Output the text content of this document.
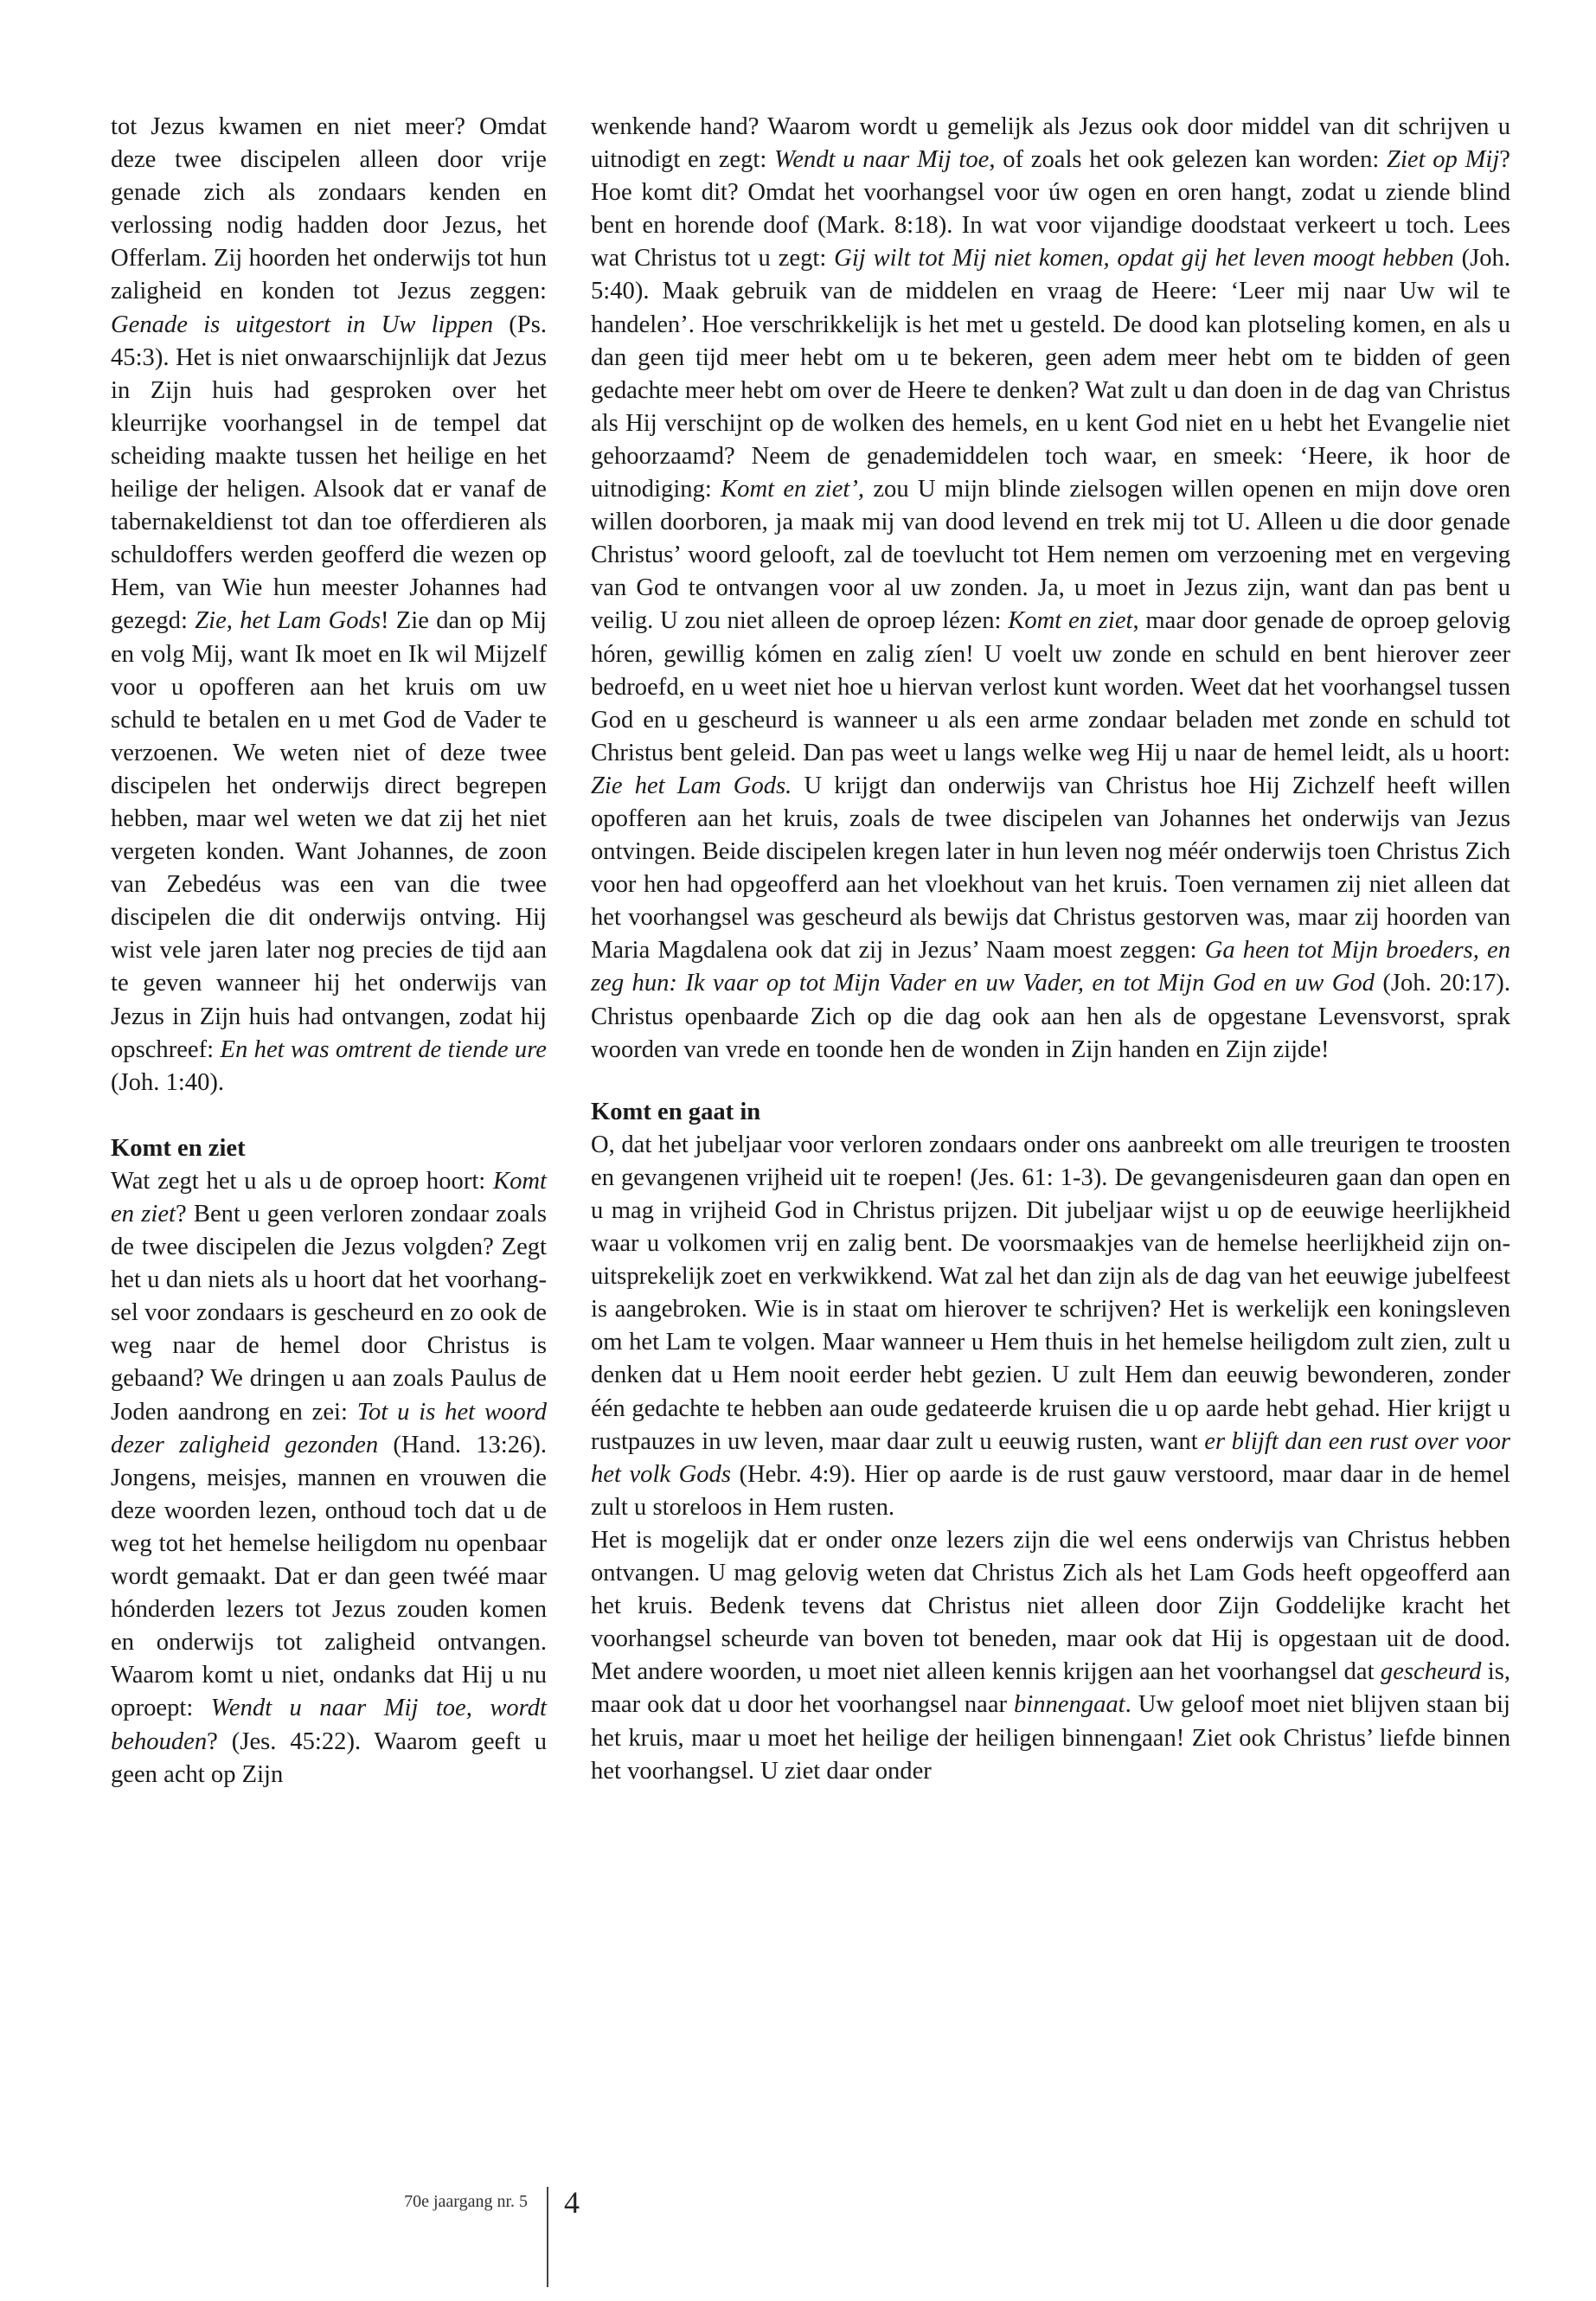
tot Jezus kwamen en niet meer? Omdat deze twee discipelen alleen door vrije genade zich als zondaars kenden en verlossing nodig hadden door Jezus, het Offerlam. Zij hoorden het onderwijs tot hun zaligheid en konden tot Jezus zeggen: Genade is uitgestort in Uw lippen (Ps. 45:3). Het is niet onwaarschijnlijk dat Jezus in Zijn huis had gesproken over het kleurrijke voorhangsel in de tempel dat scheiding maakte tussen het heilige en het heilige der heligen. Alsook dat er vanaf de tabernakeldienst tot dan toe offerdieren als schuldoffers werden geofferd die wezen op Hem, van Wie hun meester Johannes had gezegd: Zie, het Lam Gods! Zie dan op Mij en volg Mij, want Ik moet en Ik wil Mijzelf voor u opofferen aan het kruis om uw schuld te betalen en u met God de Vader te verzoenen. We weten niet of deze twee discipelen het onderwijs direct begrepen hebben, maar wel weten we dat zij het niet vergeten konden. Want Johannes, de zoon van Zebedéus was een van die twee discipelen die dit onderwijs ontving. Hij wist vele jaren later nog precies de tijd aan te geven wanneer hij het onderwijs van Jezus in Zijn huis had ontvangen, zodat hij opschreef: En het was omtrent de tiende ure (Joh. 1:40).

Komt en ziet

Wat zegt het u als u de oproep hoort: Komt en ziet? Bent u geen verloren zondaar zoals de twee discipelen die Jezus volgden? Zegt het u dan niets als u hoort dat het voorhangsel voor zondaars is gescheurd en zo ook de weg naar de hemel door Christus is gebaand? We dringen u aan zoals Paulus de Joden aandrong en zei: Tot u is het woord dezer zaligheid gezonden (Hand. 13:26). Jongens, meisjes, mannen en vrouwen die deze woorden lezen, onthoud toch dat u de weg tot het hemelse heiligdom nu openbaar wordt gemaakt. Dat er dan geen twéé maar hónderden lezers tot Jezus zouden komen en onderwijs tot zaligheid ontvangen. Waarom komt u niet, ondanks dat Hij u nu oproept: Wendt u naar Mij toe, wordt behouden? (Jes. 45:22). Waarom geeft u geen acht op Zijn

wenkende hand? Waarom wordt u gemelijk als Jezus ook door middel van dit schrijven u uitnodigt en zegt: Wendt u naar Mij toe, of zoals het ook gelezen kan worden: Ziet op Mij? Hoe komt dit? Omdat het voorhangsel voor úw ogen en oren hangt, zodat u ziende blind bent en horende doof (Mark. 8:18). In wat voor vijandige doodstaat verkeert u toch. Lees wat Christus tot u zegt: Gij wilt tot Mij niet komen, opdat gij het leven moogt hebben (Joh. 5:40). Maak gebruik van de middelen en vraag de Heere: ‘Leer mij naar Uw wil te handelen’. Hoe verschrikkelijk is het met u gesteld. De dood kan plotseling komen, en als u dan geen tijd meer hebt om u te bekeren, geen adem meer hebt om te bidden of geen gedachte meer hebt om over de Heere te denken? Wat zult u dan doen in de dag van Christus als Hij verschijnt op de wolken des hemels, en u kent God niet en u hebt het Evangelie niet gehoorzaamd? Neem de genademiddelen toch waar, en smeek: ‘Heere, ik hoor de uitnodiging: Komt en ziet’, zou U mijn blinde zielsogen willen openen en mijn dove oren willen doorboren, ja maak mij van dood levend en trek mij tot U. Alleen u die door genade Christus’ woord gelooft, zal de toevlucht tot Hem nemen om verzoening met en vergeving van God te ontvangen voor al uw zonden. Ja, u moet in Jezus zijn, want dan pas bent u veilig. U zou niet alleen de oproep lézen: Komt en ziet, maar door genade de oproep gelovig hóren, gewillig kómen en zalig zíen! U voelt uw zonde en schuld en bent hierover zeer bedroefd, en u weet niet hoe u hiervan verlost kunt worden. Weet dat het voorhangsel tussen God en u gescheurd is wanneer u als een arme zondaar beladen met zonde en schuld tot Christus bent geleid. Dan pas weet u langs welke weg Hij u naar de hemel leidt, als u hoort: Zie het Lam Gods. U krijgt dan onderwijs van Christus hoe Hij Zichzelf heeft willen opofferen aan het kruis, zoals de twee discipelen van Johannes het onderwijs van Jezus ontvingen. Beide discipelen kregen later in hun leven nog méér onderwijs toen Christus Zich voor hen had opgeofferd aan het vloekhout van het kruis. Toen vernamen zij niet alleen dat het voorhangsel was gescheurd als bewijs dat Christus gestorven was, maar zij hoorden van Maria Magdalena ook dat zij in Jezus’ Naam moest zeggen: Ga heen tot Mijn broeders, en zeg hun: Ik vaar op tot Mijn Vader en uw Vader, en tot Mijn God en uw God (Joh. 20:17). Christus openbaarde Zich op die dag ook aan hen als de opgestane Levensvorst, sprak woorden van vrede en toonde hen de wonden in Zijn handen en Zijn zijde!

Komt en gaat in

O, dat het jubeljaar voor verloren zondaars onder ons aanbreekt om alle treurigen te troosten en gevangenen vrijheid uit te roepen! (Jes. 61: 1-3). De gevangenisdeuren gaan dan open en u mag in vrijheid God in Christus prijzen. Dit jubeljaar wijst u op de eeuwige heerlijkheid waar u volkomen vrij en zalig bent. De voorsmaakjes van de hemelse heerlijkheid zijn onuitsprekelijk zoet en verkwikkend. Wat zal het dan zijn als de dag van het eeuwige jubelfeest is aangebroken. Wie is in staat om hierover te schrijven? Het is werkelijk een koningsleven om het Lam te volgen. Maar wanneer u Hem thuis in het hemelse heiligdom zult zien, zult u denken dat u Hem nooit eerder hebt gezien. U zult Hem dan eeuwig bewonderen, zonder één gedachte te hebben aan oude gedateerde kruisen die u op aarde hebt gehad. Hier krijgt u rustpauzes in uw leven, maar daar zult u eeuwig rusten, want er blijft dan een rust over voor het volk Gods (Hebr. 4:9). Hier op aarde is de rust gauw verstoord, maar daar in de hemel zult u storeloos in Hem rusten.

Het is mogelijk dat er onder onze lezers zijn die wel eens onderwijs van Christus hebben ontvangen. U mag gelovig weten dat Christus Zich als het Lam Gods heeft opgeofferd aan het kruis. Bedenk tevens dat Christus niet alleen door Zijn Goddelijke kracht het voorhangsel scheurde van boven tot beneden, maar ook dat Hij is opgestaan uit de dood. Met andere woorden, u moet niet alleen kennis krijgen aan het voorhangsel dat gescheurd is, maar ook dat u door het voorhangsel naar binnengaat. Uw geloof moet niet blijven staan bij het kruis, maar u moet het heilige der heiligen binnengaan! Ziet ook Christus’ liefde binnen het voorhangsel. U ziet daar onder

70e jaargang nr. 5 4
